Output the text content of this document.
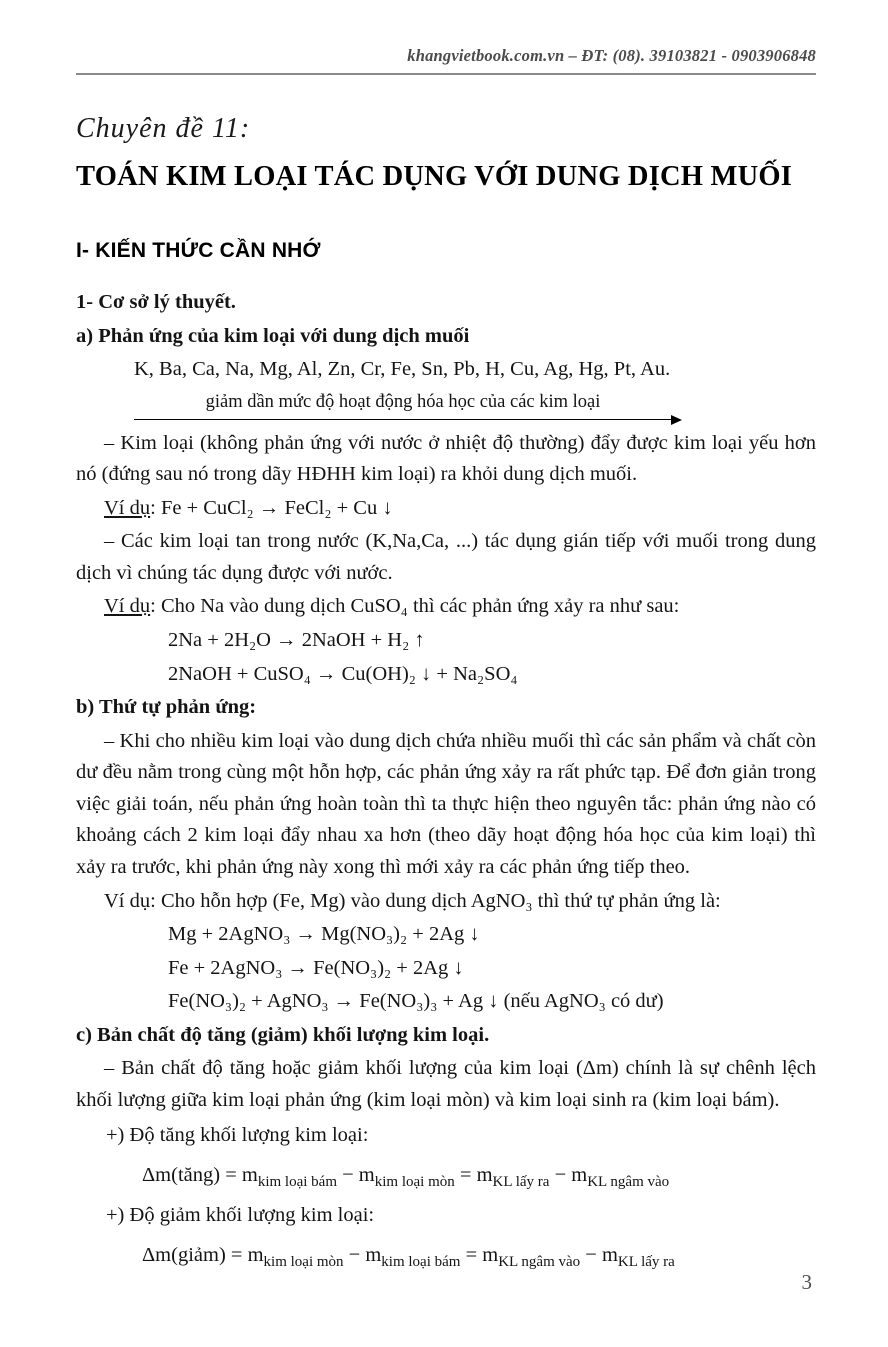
khangvietbook.com.vn – ĐT: (08). 39103821 - 0903906848
Chuyên đề 11:
TOÁN KIM LOẠI TÁC DỤNG VỚI DUNG DỊCH MUỐI
I- KIẾN THỨC CẦN NHỚ

1- Cơ sở lý thuyết.

a) Phản ứng của kim loại với dung dịch muối

K, Ba, Ca, Na, Mg, Al, Zn, Cr, Fe, Sn, Pb, H, Cu, Ag, Hg, Pt, Au.

giảm dần mức độ hoạt động hóa học của các kim loại

– Kim loại (không phản ứng với nước ở nhiệt độ thường) đẩy được kim loại yếu hơn nó (đứng sau nó trong dãy HĐHH kim loại) ra khỏi dung dịch muối.

Ví dụ: Fe + CuCl₂ → FeCl₂ + Cu ↓

– Các kim loại tan trong nước (K,Na,Ca, ...) tác dụng gián tiếp với muối trong dung dịch vì chúng tác dụng được với nước.

Ví dụ: Cho Na vào dung dịch CuSO₄ thì các phản ứng xảy ra như sau:

2Na + 2H₂O → 2NaOH + H₂ ↑

2NaOH + CuSO₄ → Cu(OH)₂ ↓ + Na₂SO₄

b) Thứ tự phản ứng:

– Khi cho nhiều kim loại vào dung dịch chứa nhiều muối thì các sản phẩm và chất còn dư đều nằm trong cùng một hỗn hợp, các phản ứng xảy ra rất phức tạp. Để đơn giản trong việc giải toán, nếu phản ứng hoàn toàn thì ta thực hiện theo nguyên tắc: phản ứng nào có khoảng cách 2 kim loại đẩy nhau xa hơn (theo dãy hoạt động hóa học của kim loại) thì xảy ra trước, khi phản ứng này xong thì mới xảy ra các phản ứng tiếp theo.

Ví dụ: Cho hỗn hợp (Fe, Mg) vào dung dịch AgNO₃ thì thứ tự phản ứng là:

Mg + 2AgNO₃ → Mg(NO₃)₂ + 2Ag ↓

Fe + 2AgNO₃ → Fe(NO₃)₂ + 2Ag ↓

Fe(NO₃)₂ + AgNO₃ → Fe(NO₃)₃ + Ag ↓ (nếu AgNO₃ có dư)

c) Bản chất độ tăng (giảm) khối lượng kim loại.

– Bản chất độ tăng hoặc giảm khối lượng của kim loại (Δm) chính là sự chênh lệch khối lượng giữa kim loại phản ứng (kim loại mòn) và kim loại sinh ra (kim loại bám).

+) Độ tăng khối lượng kim loại:

Δm(tăng) = $m_{kim loại bám} - m_{kim loại mòn} = m_{KL lấy ra} - m_{KL ngâm vào}$

+) Độ giảm khối lượng kim loại:

Δm(giảm) = $m_{kim loại mòn} - m_{kim loại bám} = m_{KL ngâm vào} - m_{KL lấy ra}$

3
